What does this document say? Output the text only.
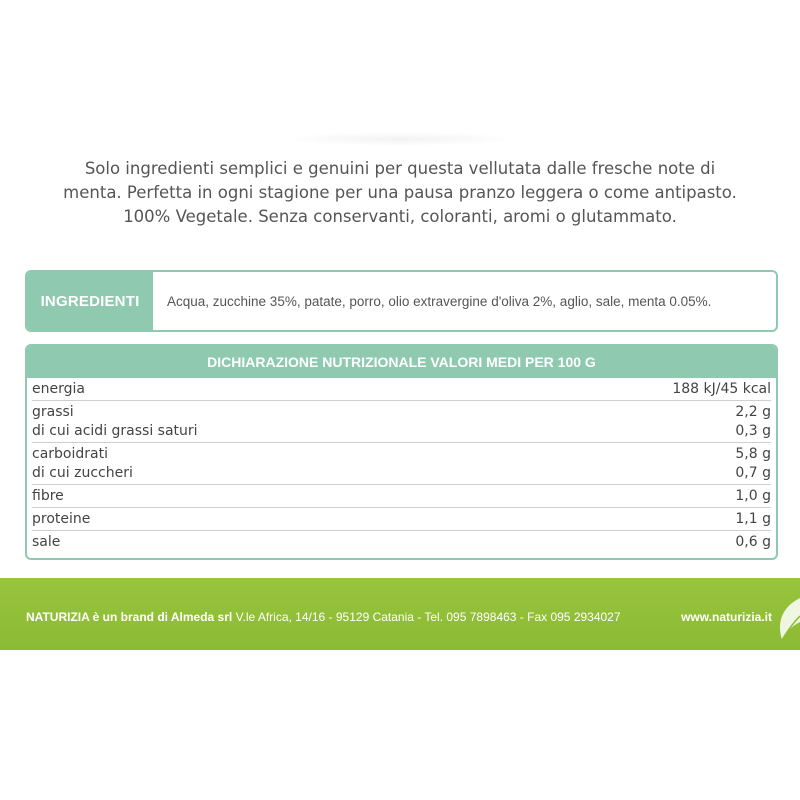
Solo ingredienti semplici e genuini per questa vellutata dalle fresche note di
menta. Perfetta in ogni stagione per una pausa pranzo leggera o come antipasto.
100% Vegetale. Senza conservanti, coloranti, aromi o glutammato.
INGREDIENTI	Acqua, zucchine 35%, patate, porro, olio extravergine d'oliva 2%, aglio, sale, menta 0.05%.
DICHIARAZIONE NUTRIZIONALE VALORI MEDI PER 100 G
energia	188 kJ/45 kcal
grassi	2,2 g
di cui acidi grassi saturi	0,3 g
carboidrati	5,8 g
di cui zuccheri	0,7 g
fibre	1,0 g
proteine	1,1 g
sale	0,6 g
NATURIZIA è un brand di Almeda srl V.le Africa, 14/16 - 95129 Catania - Tel. 095 7898463 - Fax 095 2934027	www.naturizia.it
